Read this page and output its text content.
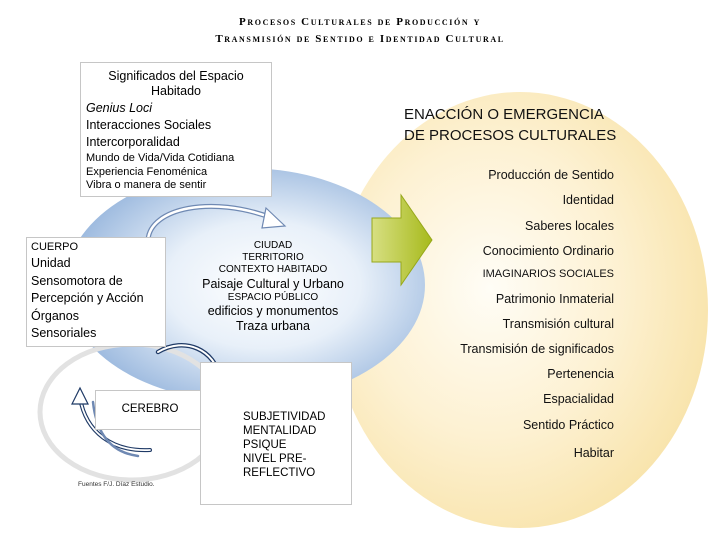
Procesos Culturales de Producción y
Transmisión de Sentido e Identidad Cultural
Significados del Espacio
Habitado
Genius Loci
Interacciones Sociales
Intercorporalidad
Mundo de Vida/Vida Cotidiana
Experiencia Fenoménica
Vibra o manera de sentir
CUERPO
Unidad
Sensomotora de
Percepción y Acción
Órganos
Sensoriales
CIUDAD
TERRITORIO
CONTEXTO HABITADO
Paisaje Cultural y Urbano
ESPACIO PÚBLICO
edificios y monumentos
Traza urbana
CEREBRO
SUBJETIVIDAD
MENTALIDAD
PSIQUE
NIVEL PRE-
REFLECTIVO
ENACCIÓN O EMERGENCIA
DE PROCESOS CULTURALES
Producción de Sentido
Identidad
Saberes locales
Conocimiento Ordinario
IMAGINARIOS SOCIALES
Patrimonio Inmaterial
Transmisión cultural
Transmisión de significados
Pertenencia
Espacialidad
Sentido Práctico
Habitar
Fuentes F/J. Díaz Estudio.
